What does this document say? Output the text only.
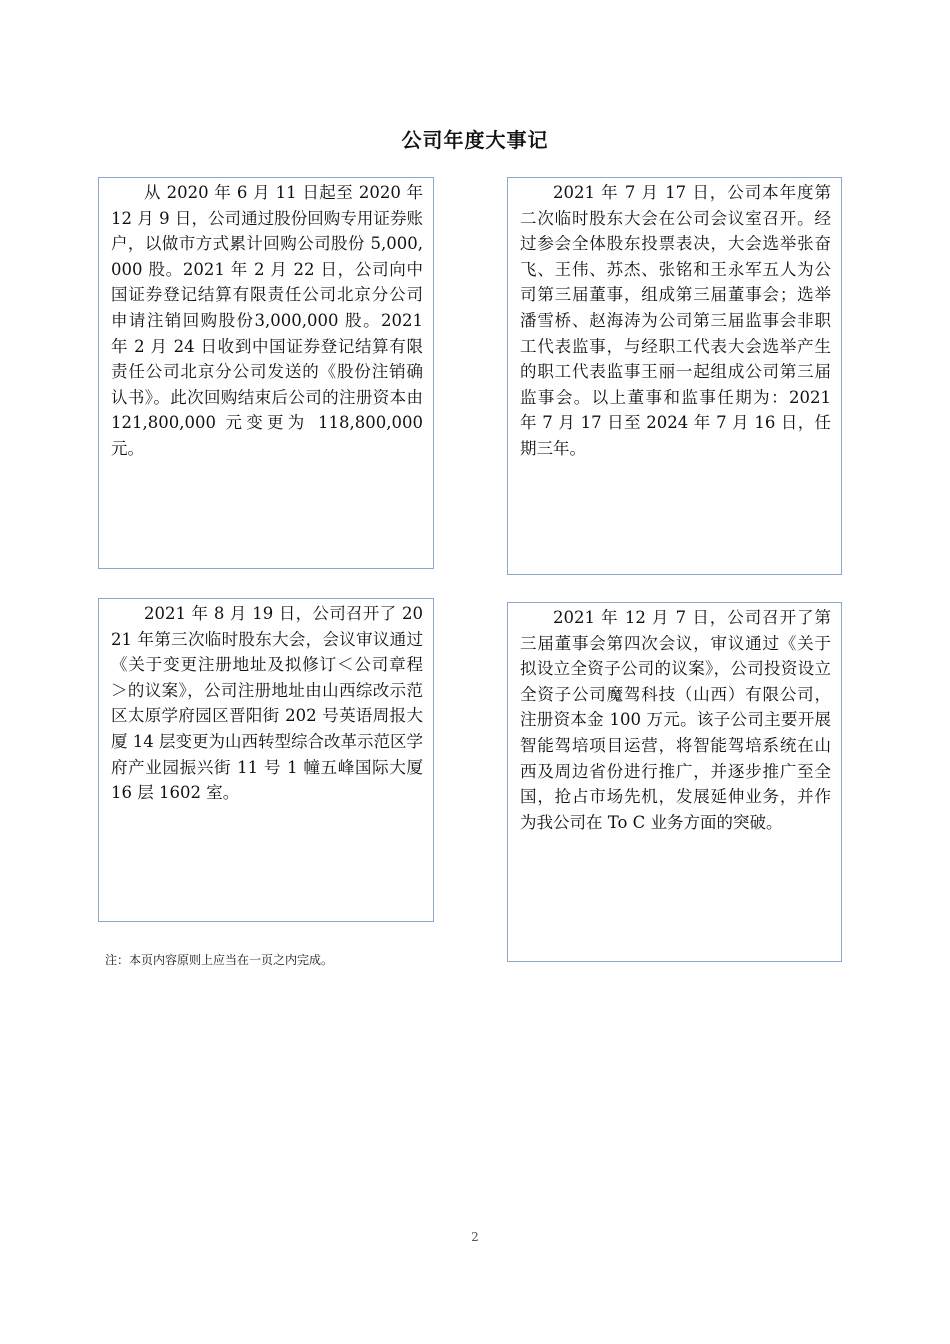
公司年度大事记

从 2020 年 6 月 11 日起至 2020 年 12 月 9 日，公司通过股份回购专用证券账户，以做市方式累计回购公司股份 5,000,000 股。2021 年 2 月 22 日，公司向中国证券登记结算有限责任公司北京分公司申请注销回购股份3,000,000 股。2021 年 2 月 24 日收到中国证券登记结算有限责任公司北京分公司发送的《股份注销确认书》。此次回购结束后公司的注册资本由 121,800,000 元变更为 118,800,000 元。

2021 年 7 月 17 日，公司本年度第二次临时股东大会在公司会议室召开。经过参会全体股东投票表决，大会选举张奋飞、王伟、苏杰、张铭和王永军五人为公司第三届董事，组成第三届董事会；选举潘雪桥、赵海涛为公司第三届监事会非职工代表监事，与经职工代表大会选举产生的职工代表监事王丽一起组成公司第三届监事会。以上董事和监事任期为：2021 年 7 月 17 日至 2024 年 7 月 16 日，任期三年。

2021 年 8 月 19 日，公司召开了 2021 年第三次临时股东大会，会议审议通过《关于变更注册地址及拟修订＜公司章程＞的议案》，公司注册地址由山西综改示范区太原学府园区晋阳街 202 号英语周报大厦 14 层变更为山西转型综合改革示范区学府产业园振兴街 11 号 1 幢五峰国际大厦 16 层 1602 室。

2021 年 12 月 7 日，公司召开了第三届董事会第四次会议，审议通过《关于拟设立全资子公司的议案》，公司投资设立全资子公司魔驾科技（山西）有限公司，注册资本金 100 万元。该子公司主要开展智能驾培项目运营，将智能驾培系统在山西及周边省份进行推广，并逐步推广至全国，抢占市场先机，发展延伸业务，并作为我公司在 To C 业务方面的突破。

注：本页内容原则上应当在一页之内完成。
2
